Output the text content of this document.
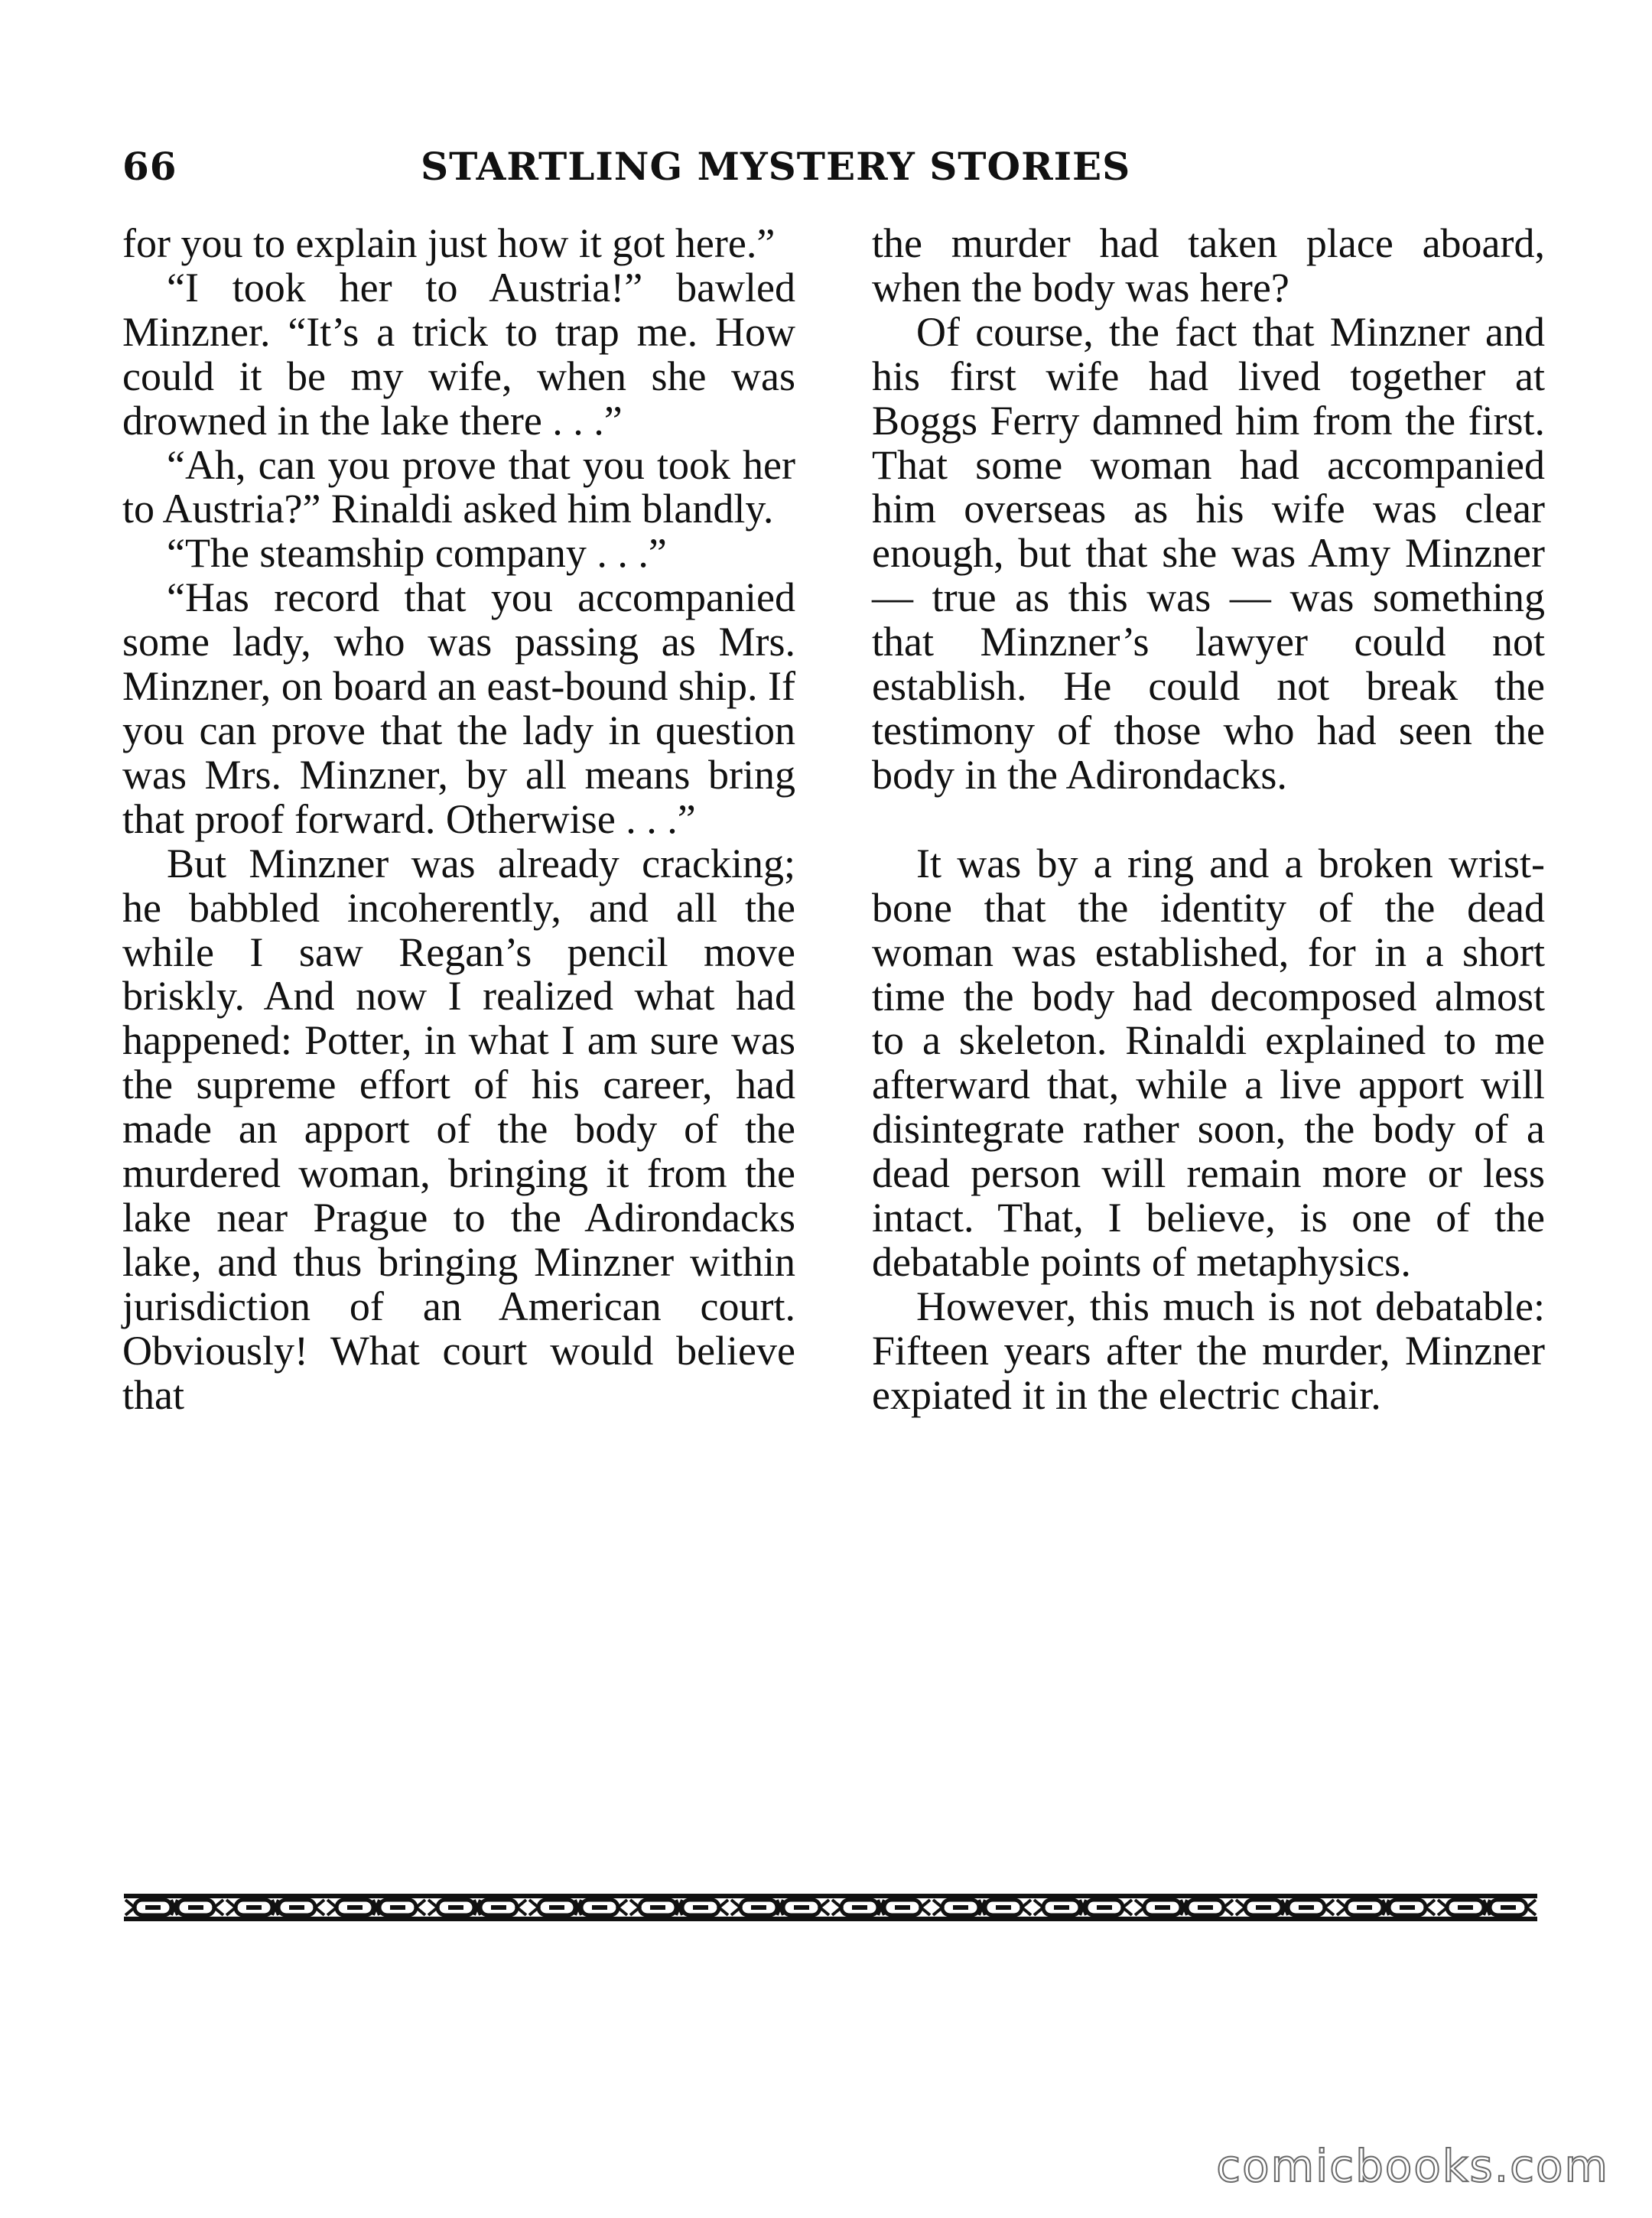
66	STARTLING MYSTERY STORIES

for you to explain just how it got here.”

“I took her to Austria!” bawled Minzner. “It’s a trick to trap me. How could it be my wife, when she was drowned in the lake there . . .”

“Ah, can you prove that you took her to Austria?” Rinaldi asked him blandly.

“The steamship company . . .”

“Has record that you accompanied some lady, who was passing as Mrs. Minzner, on board an east-bound ship. If you can prove that the lady in question was Mrs. Minzner, by all means bring that proof forward. Otherwise . . .”

But Minzner was already cracking; he babbled incoherently, and all the while I saw Regan’s pencil move briskly. And now I realized what had happened: Potter, in what I am sure was the supreme effort of his career, had made an apport of the body of the murdered woman, bringing it from the lake near Prague to the Adirondacks lake, and thus bringing Minzner within jurisdiction of an American court. Obviously! What court would believe that

the murder had taken place aboard, when the body was here?

Of course, the fact that Minzner and his first wife had lived together at Boggs Ferry damned him from the first. That some woman had accompanied him overseas as his wife was clear enough, but that she was Amy Minzner — true as this was — was something that Minzner’s lawyer could not establish. He could not break the testimony of those who had seen the body in the Adirondacks.

It was by a ring and a broken wrist-bone that the identity of the dead woman was established, for in a short time the body had decomposed almost to a skeleton. Rinaldi explained to me afterward that, while a live apport will disintegrate rather soon, the body of a dead person will remain more or less intact. That, I believe, is one of the debatable points of metaphysics.

However, this much is not debatable: Fifteen years after the murder, Minzner expiated it in the electric chair.

comicbooks.com
